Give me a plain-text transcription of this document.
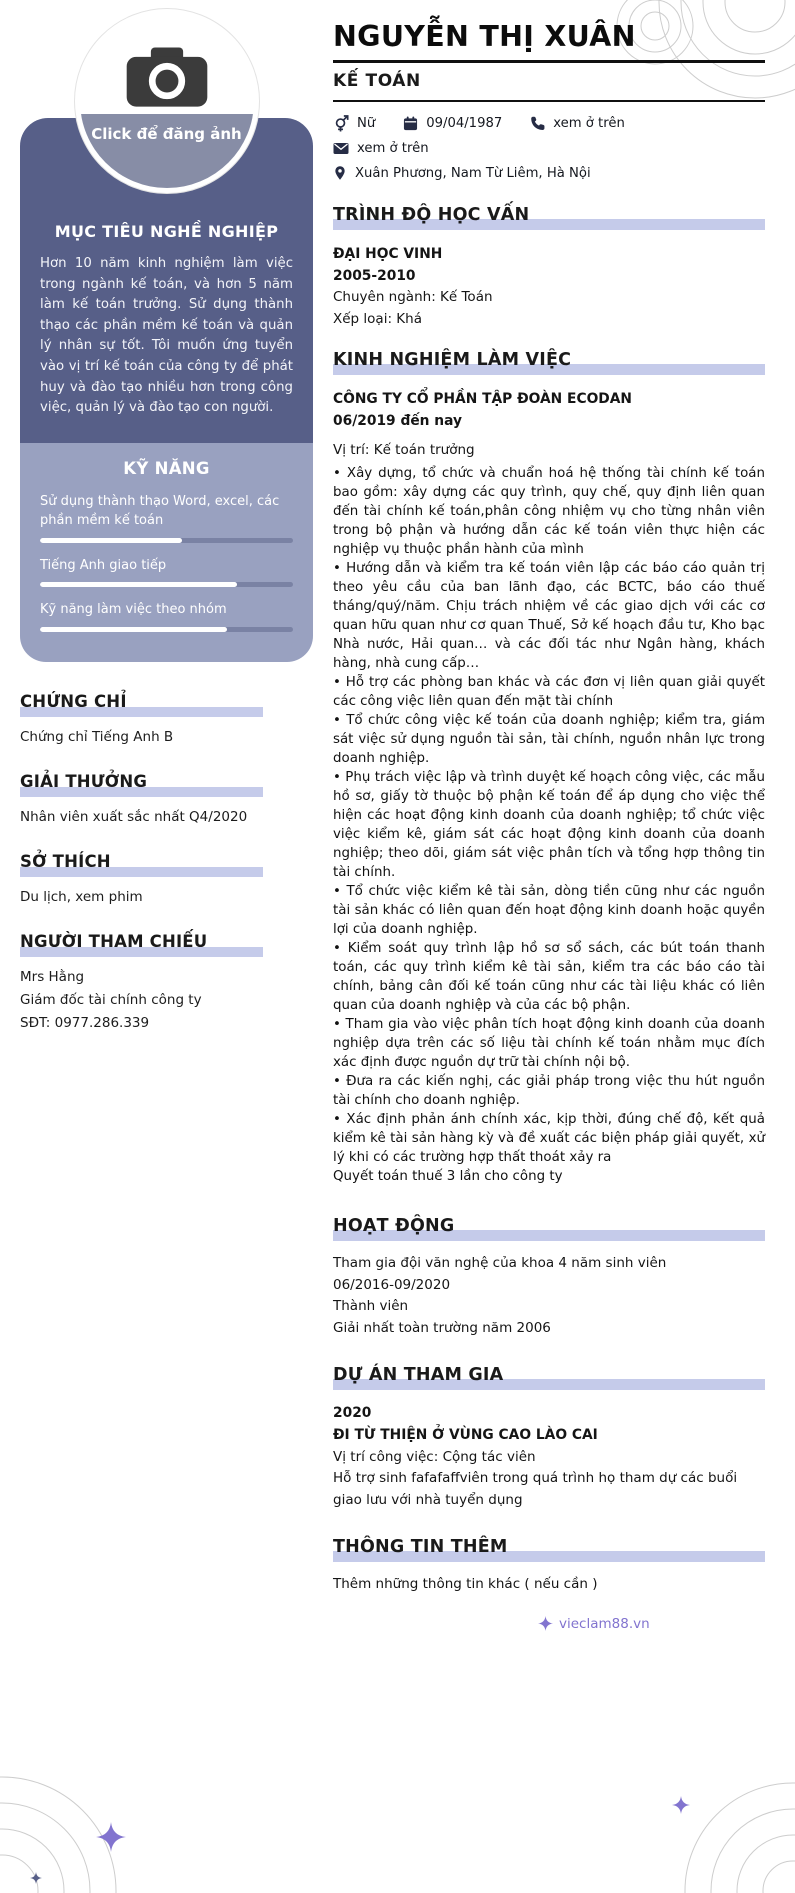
Click để đăng ảnh
MỤC TIÊU NGHỀ NGHIỆP

Hơn 10 năm kinh nghiệm làm việc trong ngành kế toán, và hơn 5 năm làm kế toán trưởng. Sử dụng thành thạo các phần mềm kế toán và quản lý nhân sự tốt. Tôi muốn ứng tuyển vào vị trí kế toán của công ty để phát huy và đào tạo nhiều hơn trong công việc, quản lý và đào tạo con người.

KỸ NĂNG
Sử dụng thành thạo Word, excel, các phần mềm kế toán
Tiếng Anh giao tiếp
Kỹ năng làm việc theo nhóm
CHỨNG CHỈ
Chứng chỉ Tiếng Anh B
GIẢI THƯỞNG
Nhân viên xuất sắc nhất Q4/2020
SỞ THÍCH
Du lịch, xem phim
NGƯỜI THAM CHIẾU
Mrs Hằng
Giám đốc tài chính công ty
SĐT: 0977.286.339
NGUYỄN THỊ XUÂN
KẾ TOÁN
Nữ	09/04/1987	xem ở trên
xem ở trên
Xuân Phương, Nam Từ Liêm, Hà Nội
TRÌNH ĐỘ HỌC VẤN
ĐẠI HỌC VINH
2005-2010
Chuyên ngành: Kế Toán
Xếp loại: Khá
KINH NGHIỆM LÀM VIỆC
CÔNG TY CỔ PHẦN TẬP ĐOÀN ECODAN
06/2019 đến nay
Vị trí: Kế toán trưởng

• Xây dựng, tổ chức và chuẩn hoá hệ thống tài chính kế toán bao gồm: xây dựng các quy trình, quy chế, quy định liên quan đến tài chính kế toán,phân công nhiệm vụ cho từng nhân viên trong bộ phận và hướng dẫn các kế toán viên thực hiện các nghiệp vụ thuộc phần hành của mình

• Hướng dẫn và kiểm tra kế toán viên lập các báo cáo quản trị theo yêu cầu của ban lãnh đạo, các BCTC, báo cáo thuế tháng/quý/năm. Chịu trách nhiệm về các giao dịch với các cơ quan hữu quan như cơ quan Thuế, Sở kế hoạch đầu tư, Kho bạc Nhà nước, Hải quan… và các đối tác như Ngân hàng, khách hàng, nhà cung cấp…

• Hỗ trợ các phòng ban khác và các đơn vị liên quan giải quyết các công việc liên quan đến mặt tài chính

• Tổ chức công việc kế toán của doanh nghiệp; kiểm tra, giám sát việc sử dụng nguồn tài sản, tài chính, nguồn nhân lực trong doanh nghiệp.

• Phụ trách việc lập và trình duyệt kế hoạch công việc, các mẫu hồ sơ, giấy tờ thuộc bộ phận kế toán để áp dụng cho việc thể hiện các hoạt động kinh doanh của doanh nghiệp; tổ chức việc việc kiểm kê, giám sát các hoạt động kinh doanh của doanh nghiệp; theo dõi, giám sát việc phân tích và tổng hợp thông tin tài chính.

• Tổ chức việc kiểm kê tài sản, dòng tiền cũng như các nguồn tài sản khác có liên quan đến hoạt động kinh doanh hoặc quyền lợi của doanh nghiệp.

• Kiểm soát quy trình lập hồ sơ sổ sách, các bút toán thanh toán, các quy trình kiểm kê tài sản, kiểm tra các báo cáo tài chính, bảng cân đối kế toán cũng như các tài liệu khác có liên quan của doanh nghiệp và của các bộ phận.

• Tham gia vào việc phân tích hoạt động kinh doanh của doanh nghiệp dựa trên các số liệu tài chính kế toán nhằm mục đích xác định được nguồn dự trữ tài chính nội bộ.

• Đưa ra các kiến nghị, các giải pháp trong việc thu hút nguồn tài chính cho doanh nghiệp.

• Xác định phản ánh chính xác, kịp thời, đúng chế độ, kết quả kiểm kê tài sản hàng kỳ và đề xuất các biện pháp giải quyết, xử lý khi có các trường hợp thất thoát xảy ra

Quyết toán thuế 3 lần cho công ty

HOẠT ĐỘNG
Tham gia đội văn nghệ của khoa 4 năm sinh viên
06/2016-09/2020
Thành viên
Giải nhất toàn trường năm 2006
DỰ ÁN THAM GIA
2020
ĐI TỪ THIỆN Ở VÙNG CAO LÀO CAI
Vị trí công việc: Cộng tác viên
Hỗ trợ sinh fafafaffviên trong quá trình họ tham dự các buổi giao lưu với nhà tuyển dụng
THÔNG TIN THÊM
Thêm những thông tin khác ( nếu cần )
vieclam88.vn
